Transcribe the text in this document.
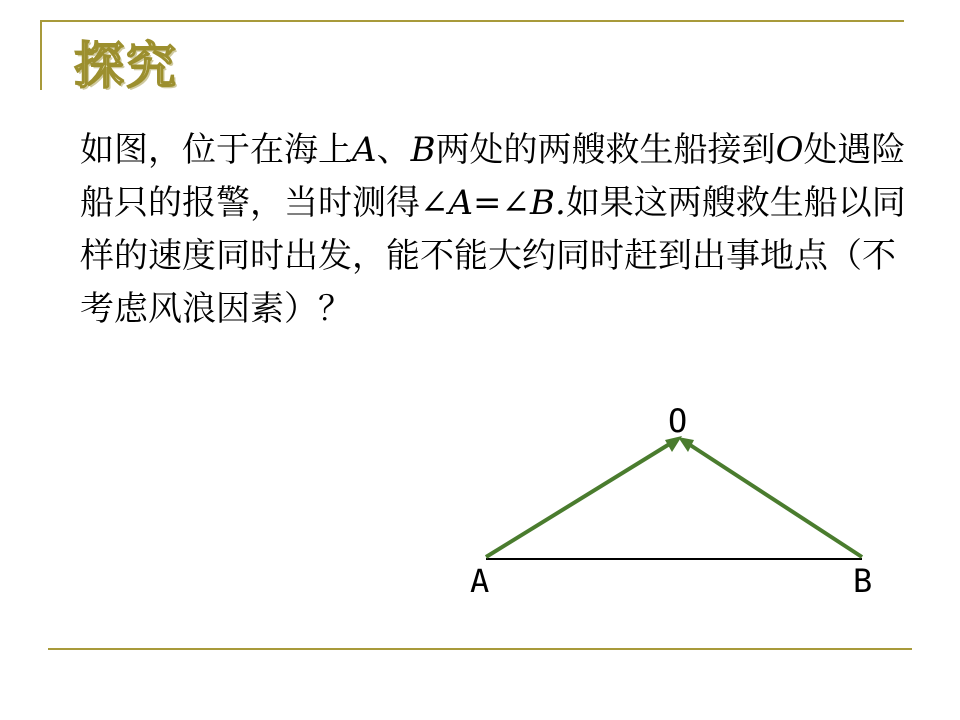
探究

如图，位于在海上A、B两处的两艘救生船接到O处遇险船只的报警，当时测得∠A=∠B.如果这两艘救生船以同样的速度同时出发，能不能大约同时赶到出事地点（不考虑风浪因素）？

O
A	B
